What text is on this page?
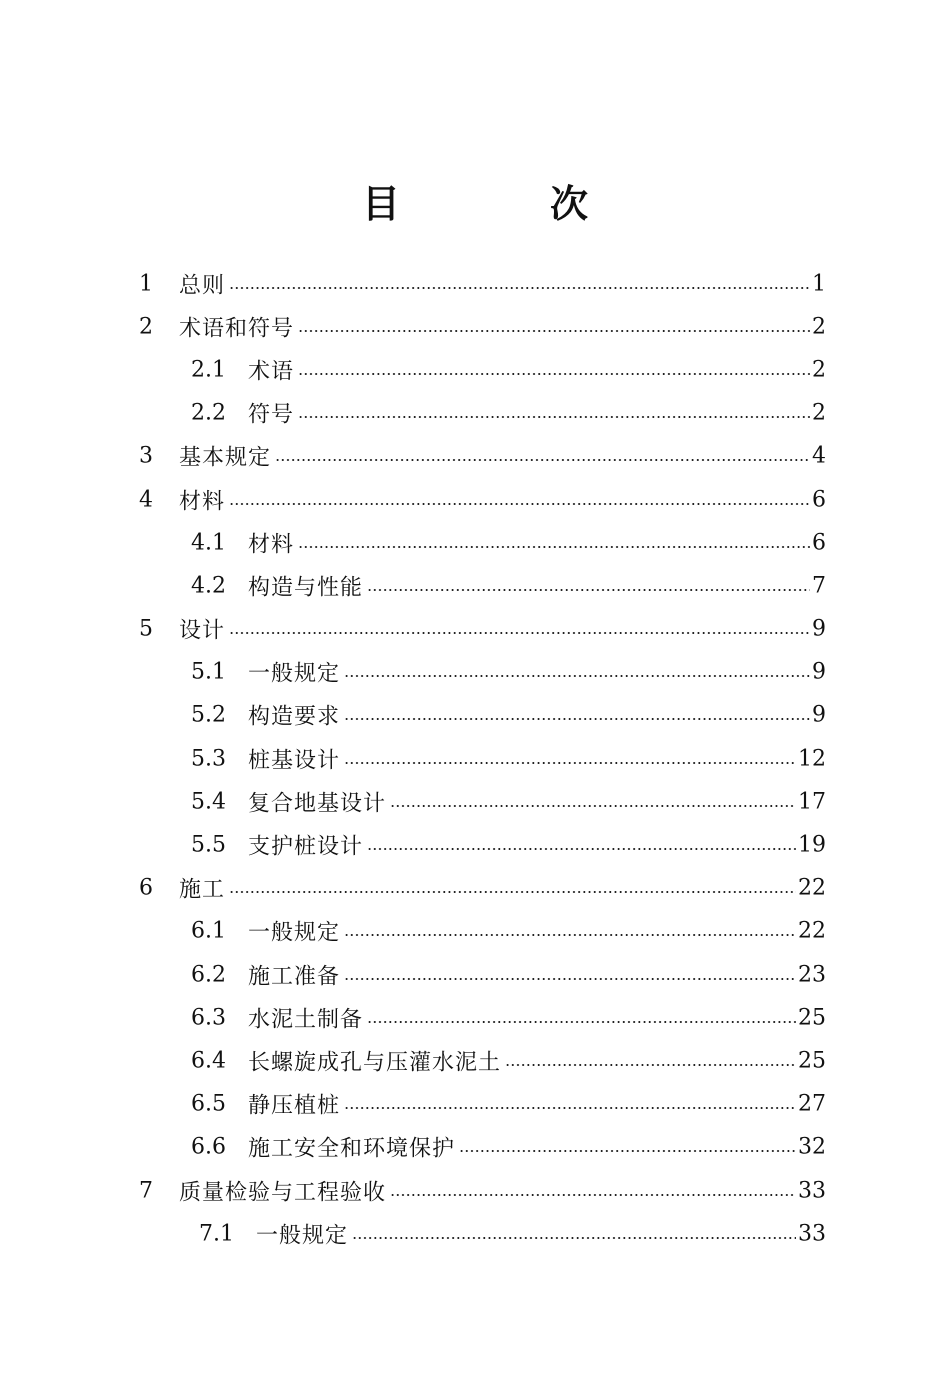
目　次
1 总则	1
2 术语和符号	2
2.1 术语	2
2.2 符号	2
3 基本规定	4
4 材料	6
4.1 材料	6
4.2 构造与性能	7
5 设计	9
5.1 一般规定	9
5.2 构造要求	9
5.3 桩基设计	12
5.4 复合地基设计	17
5.5 支护桩设计	19
6 施工	22
6.1 一般规定	22
6.2 施工准备	23
6.3 水泥土制备	25
6.4 长螺旋成孔与压灌水泥土	25
6.5 静压植桩	27
6.6 施工安全和环境保护	32
7 质量检验与工程验收	33
7.1 一般规定	33
